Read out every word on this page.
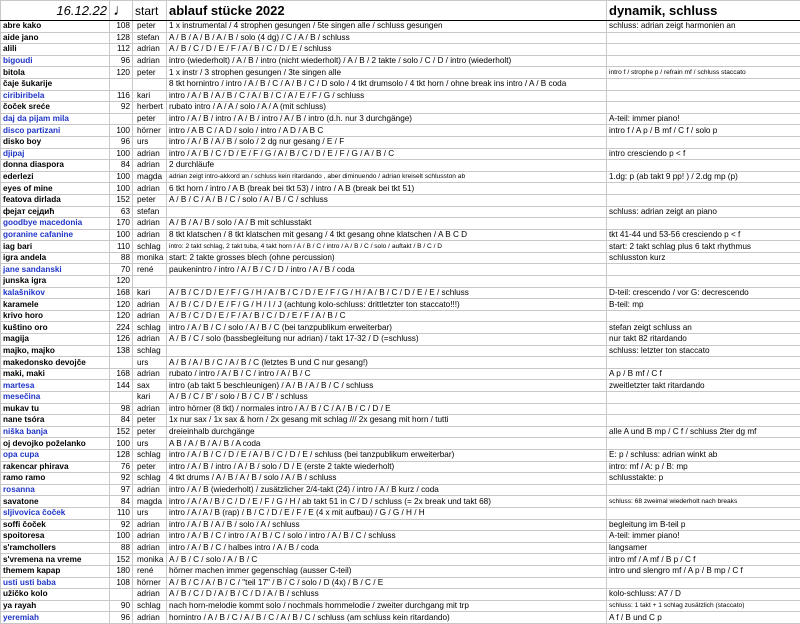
16.12.22	♩	start	ablauf stücke 2022	dynamik, schluss
abre kako	108	peter	1 x instrumental / 4 strophen gesungen / 5te singen alle / schluss gesungen	schluss: adrian zeigt harmonien an
aide jano	128	stefan	A / B / A / B / A / B / solo (4 dg) / C / A / B / schluss	
alili	112	adrian	A / B / C / D / E / F / A / B / C / D / E / schluss	
bigoudi	96	adrian	intro (wiederholt) / A / B / intro (nicht wiederholt) / A / B / 2 takte / solo / C / D / intro (wiederholt)	
bitola	120	peter	1 x instr / 3 strophen gesungen / 3te singen alle	intro f / strophe p / refrain mf / schluss staccato
čaje šukarije			8 tkt hornintro / intro / A / B / C / A / B / C / D solo / 4 tkt drumsolo / 4 tkt horn / ohne break ins intro / A / B coda	
ciribiribela	116	kari	intro / A / B / A / B / C / A / B / C / A / E / F / G / schluss	
čoček sreće	92	herbert	rubato intro / A / A / solo / A / A (mit schluss)	
daj da pijam mila		peter	intro / A / B / intro / A / B / intro / A / B / intro (d.h. nur 3 durchgänge)	A-teil: immer piano!
disco partizani	100	hörner	intro / A B C / A D / solo / intro / A D / A B C	intro f / A p / B mf / C f / solo p
disko boy	96	urs	intro / A / B / A / B / solo / 2 dg nur gesang / E / F	
djipaj	100	adrian	intro / A / B / C / D / E / F / G / A / B / C / D / E / F / G / A / B / C	intro cresciendo p < f
donna diaspora	84	adrian	2 durchläufe	
ederlezi	100	magda	adrian zeigt intro-akkord an / schluss kein ritardando , aber diminuendo / adrian kreiselt schlusston ab	1.dg: p (ab takt 9 pp! ) / 2.dg mp (p)
eyes of mine	100	adrian	6 tkt horn / intro / A B (break bei tkt 53) / intro / A B (break bei tkt 51)	
featova dirlada	152	peter	A / B / C / A / B / C / solo / A / B / C / schluss	
феjaт сејдиħ	63	stefan		schluss: adrian zeigt an piano
goodbye macedonia	170	adrian	A / B / A / B / solo / A / B mit schlusstakt	
goranine cafanine	100	adrian	8 tkt klatschen / 8 tkt klatschen mit gesang / 4 tkt gesang ohne klatschen / A B C D	tkt 41-44 und 53-56 cresciendo p < f
iag bari	110	schlag	intro: 2 takt schlag, 2 takt tuba, 4 takt horn / A / B / C / intro / A / B / C / solo / auftakt / B / C / D	start: 2 takt schlag plus 6 takt rhythmus
igra andela	88	monika	start: 2 takte grosses blech (ohne percussion)	schlusston kurz
jane sandanski	70	rené	paukenintro / intro / A / B / C / D / intro / A / B / coda	
junska igra	120			
kalašnikov	168	kari	A / B / C / D / E / F / G / H / A / B / C / D / E / F / G / H / A / B / C / D / E / E / schluss	D-teil: crescendo / vor G: decrescendo
karamele	120	adrian	A / B / C / D / E / F / G / H / I / J (achtung kolo-schluss: drittletzter ton staccato!!!)	B-teil: mp
krivo horo	120	adrian	A / B / C / D / E / F / A / B / C / D / E / F / A / B / C	
kuštino oro	224	schlag	intro / A / B / C / solo / A / B / C (bei tanzpublikum erweiterbar)	stefan zeigt schluss an
magija	126	adrian	A / B / C / solo (bassbegleitung nur adrian) / takt 17-32 / D (=schluss)	nur takt 82 ritardando
majko, majko	138	schlag		schluss: letzter ton staccato
makedonsko devojče		urs	A / B / A / B / C / A / B / C (letztes B und C nur gesang!)	
maki, maki	168	adrian	rubato / intro / A / B / C / intro / A / B / C	A p / B mf / C f
martesa	144	sax	intro (ab takt 5 beschleunigen) / A / B / A / B / C / schluss	zweitletzter takt ritardando
mesečina		kari	A / B / C / B' / solo / B / C / B' / schluss	
mukav tu	98	adrian	intro hörner (8 tkt) / normales intro / A / B / C / A / B / C / D / E	
nane tsóra	84	peter	1x nur sax / 1x sax & horn / 2x gesang mit schlag /// 2x gesang mit horn / tutti	
niška banja	152	peter	dreieinhalb durchgänge	alle A und B mp / C f / schluss 2ter dg mf
oj devojko poželanko	100	urs	A B / A / B / A / B / A coda	
opa cupa	128	schlag	intro / A / B / C / D / E / A / B / C / D / E / schluss (bei tanzpublikum erweiterbar)	E: p / schluss: adrian winkt ab
rakencar phirava	76	peter	intro / A / B / intro / A / B / solo / D / E (erste 2 takte wiederholt)	intro: mf / A: p / B: mp
ramo ramo	92	schlag	4 tkt drums / A / B / A / B / solo / A / B / schluss	schlusstakte: p
rosanna	97	adrian	intro / A / B (wiederholt) / zusätzlicher 2/4-takt (24) / intro / A / B kurz / coda	
savatone	84	magda	intro / A / A / B / C / D / E / F / G / H / ab takt 51 in C / D / schluss (= 2x break und takt 68)	schluss: 68 zweimal wiederholt nach breaks
sljivovica čoček	110	urs	intro / A / A / B (rap) / B / C / D / E / F / E (4 x mit aufbau) / G / G / H / H	
soffi čoček	92	adrian	intro / A / B / A / B / solo / A / schluss	begleitung im B-teil p
spoitoresa	100	adrian	intro / A / B / C / intro / A / B / C / solo / intro / A / B / C / schluss	A-teil: immer piano!
s'ramchollers	88	adrian	intro / A / B / C / halbes intro / A / B / coda	langsamer
s'vremena na vreme	152	monika	A / B / C / solo / A / B / C	intro mf / A mf / B p / C f
themem kapap	180	rené	hörner machen immer gegenschlag (ausser C-teil)	intro und slengro mf / A p / B mp / C f
usti usti baba	108	hörner	A / B / C / A / B / C / "teil 17" / B / C / solo / D (4x) / B / C / E	
užičko kolo		adrian	A / B / C / D / A / B / C / D / A / B / schluss	kolo-schluss: A7 / D
ya rayah	90	schlag	nach horn-melodie kommt solo / nochmals hornmelodie / zweiter durchgang mit trp	schluss: 1 takt + 1 schlag zusätzlich (staccato)
yeremiah	96	adrian	hornintro / A / B / C / A / B / C / A / B / C / schluss (am schluss kein ritardando)	A f / B und C p
